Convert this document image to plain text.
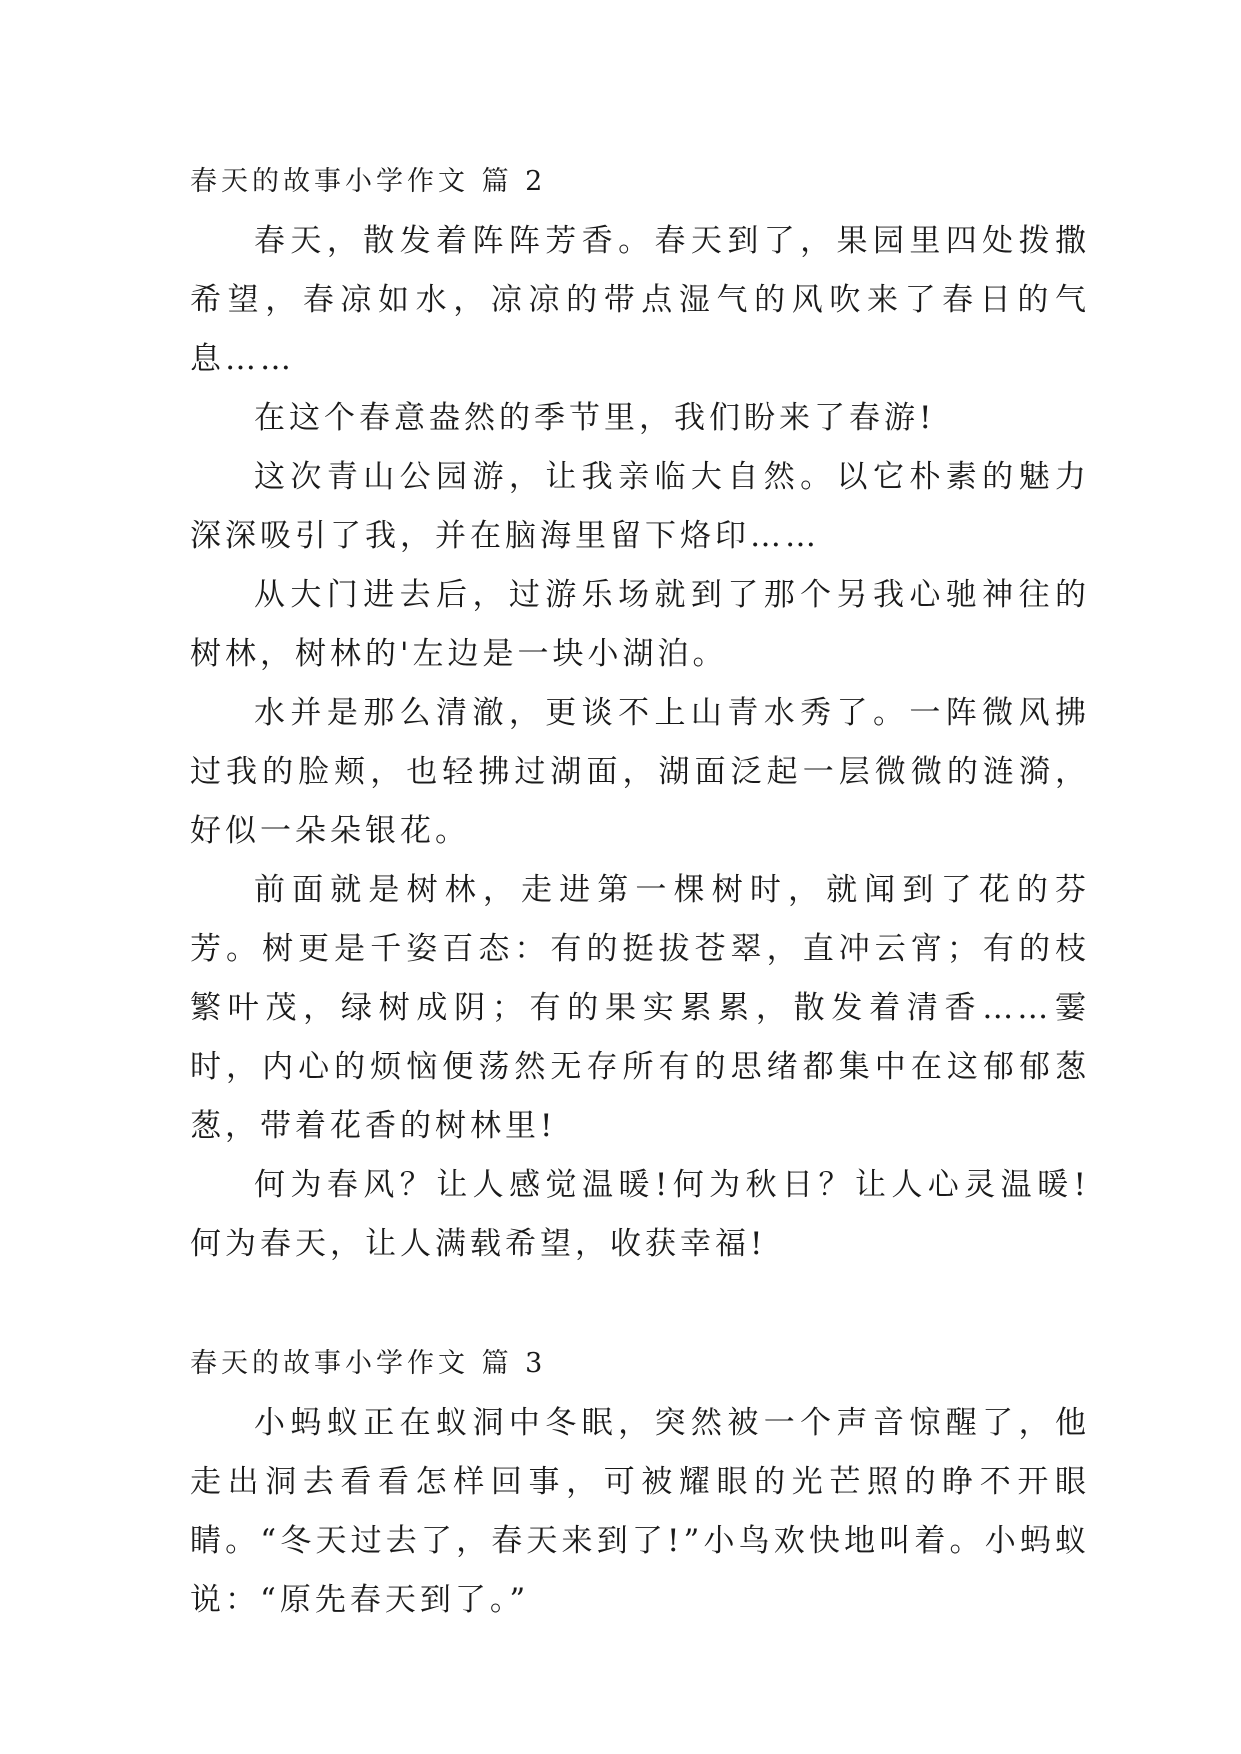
春天的故事小学作文 篇 2

春天，散发着阵阵芳香。春天到了，果园里四处拨撒希望，春凉如水，凉凉的带点湿气的风吹来了春日的气息……

在这个春意盎然的季节里，我们盼来了春游!

这次青山公园游，让我亲临大自然。以它朴素的魅力深深吸引了我，并在脑海里留下烙印……

从大门进去后，过游乐场就到了那个另我心驰神往的树林，树林的'左边是一块小湖泊。

水并是那么清澈，更谈不上山青水秀了。一阵微风拂过我的脸颊，也轻拂过湖面，湖面泛起一层微微的涟漪，好似一朵朵银花。

前面就是树林，走进第一棵树时，就闻到了花的芬芳。树更是千姿百态：有的挺拔苍翠，直冲云宵；有的枝繁叶茂，绿树成阴；有的果实累累，散发着清香……霎时，内心的烦恼便荡然无存所有的思绪都集中在这郁郁葱葱，带着花香的树林里!

何为春风？让人感觉温暖!何为秋日？让人心灵温暖!何为春天，让人满载希望，收获幸福!

春天的故事小学作文 篇 3

小蚂蚁正在蚁洞中冬眠，突然被一个声音惊醒了，他走出洞去看看怎样回事，可被耀眼的光芒照的睁不开眼睛。“冬天过去了，春天来到了!”小鸟欢快地叫着。小蚂蚁说：“原先春天到了。”
